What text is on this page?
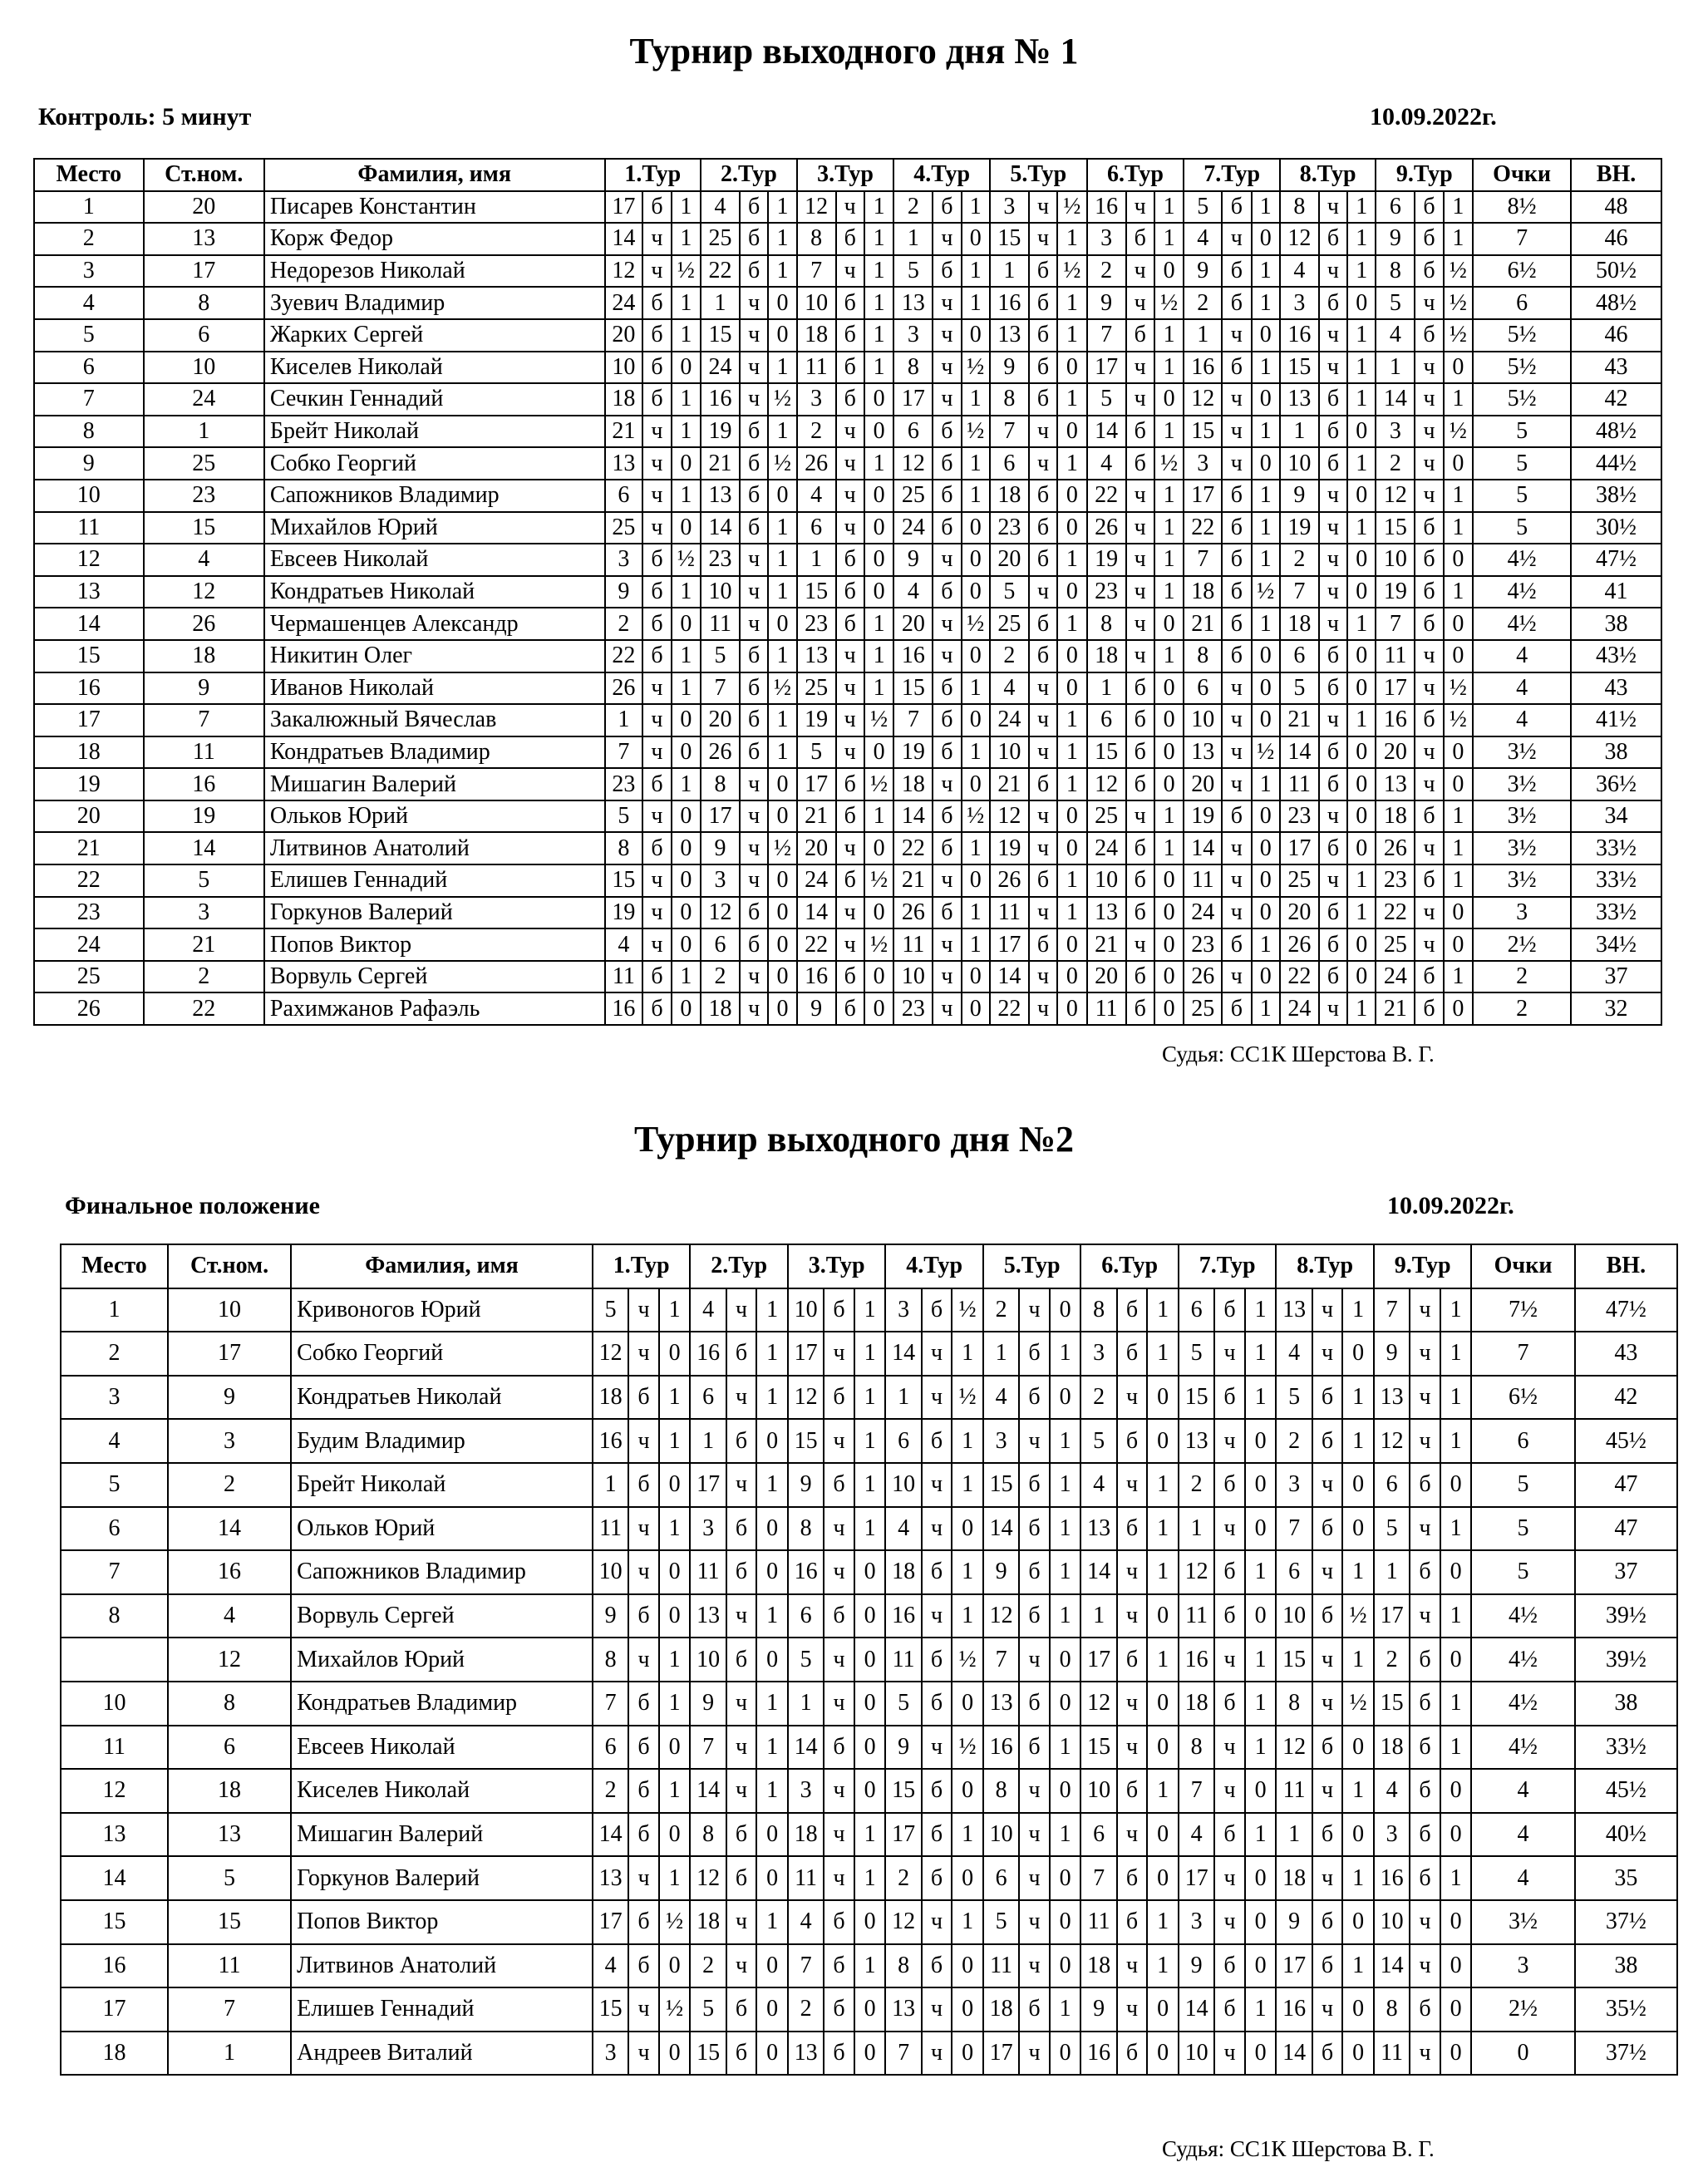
Турнир выходного дня № 1
Контроль: 5 минут	10.09.2022г.
Место	Ст.ном.	Фамилия, имя	1.Тур			2.Тур			3.Тур			4.Тур			5.Тур			6.Тур			7.Тур			8.Тур			9.Тур			Очки	ВН.
1	20	Писарев Константин	17	б	1	4	б	1	12	ч	1	2	б	1	3	ч	½	16	ч	1	5	б	1	8	ч	1	6	б	1	8½	48
2	13	Корж Федор	14	ч	1	25	б	1	8	б	1	1	ч	0	15	ч	1	3	б	1	4	ч	0	12	б	1	9	б	1	7	46
3	17	Недорезов Николай	12	ч	½	22	б	1	7	ч	1	5	б	1	1	б	½	2	ч	0	9	б	1	4	ч	1	8	б	½	6½	50½
4	8	Зуевич Владимир	24	б	1	1	ч	0	10	б	1	13	ч	1	16	б	1	9	ч	½	2	б	1	3	б	0	5	ч	½	6	48½
5	6	Жарких Сергей	20	б	1	15	ч	0	18	б	1	3	ч	0	13	б	1	7	б	1	1	ч	0	16	ч	1	4	б	½	5½	46
6	10	Киселев Николай	10	б	0	24	ч	1	11	б	1	8	ч	½	9	б	0	17	ч	1	16	б	1	15	ч	1	1	ч	0	5½	43
7	24	Сечкин Геннадий	18	б	1	16	ч	½	3	б	0	17	ч	1	8	б	1	5	ч	0	12	ч	0	13	б	1	14	ч	1	5½	42
8	1	Брейт Николай	21	ч	1	19	б	1	2	ч	0	6	б	½	7	ч	0	14	б	1	15	ч	1	1	б	0	3	ч	½	5	48½
9	25	Собко Георгий	13	ч	0	21	б	½	26	ч	1	12	б	1	6	ч	1	4	б	½	3	ч	0	10	б	1	2	ч	0	5	44½
10	23	Сапожников Владимир	6	ч	1	13	б	0	4	ч	0	25	б	1	18	б	0	22	ч	1	17	б	1	9	ч	0	12	ч	1	5	38½
11	15	Михайлов Юрий	25	ч	0	14	б	1	6	ч	0	24	б	0	23	б	0	26	ч	1	22	б	1	19	ч	1	15	б	1	5	30½
12	4	Евсеев Николай	3	б	½	23	ч	1	1	б	0	9	ч	0	20	б	1	19	ч	1	7	б	1	2	ч	0	10	б	0	4½	47½
13	12	Кондратьев Николай	9	б	1	10	ч	1	15	б	0	4	б	0	5	ч	0	23	ч	1	18	б	½	7	ч	0	19	б	1	4½	41
14	26	Чермашенцев Александр	2	б	0	11	ч	0	23	б	1	20	ч	½	25	б	1	8	ч	0	21	б	1	18	ч	1	7	б	0	4½	38
15	18	Никитин Олег	22	б	1	5	б	1	13	ч	1	16	ч	0	2	б	0	18	ч	1	8	б	0	6	б	0	11	ч	0	4	43½
16	9	Иванов Николай	26	ч	1	7	б	½	25	ч	1	15	б	1	4	ч	0	1	б	0	6	ч	0	5	б	0	17	ч	½	4	43
17	7	Закалюжный Вячеслав	1	ч	0	20	б	1	19	ч	½	7	б	0	24	ч	1	6	б	0	10	ч	0	21	ч	1	16	б	½	4	41½
18	11	Кондратьев Владимир	7	ч	0	26	б	1	5	ч	0	19	б	1	10	ч	1	15	б	0	13	ч	½	14	б	0	20	ч	0	3½	38
19	16	Мишагин Валерий	23	б	1	8	ч	0	17	б	½	18	ч	0	21	б	1	12	б	0	20	ч	1	11	б	0	13	ч	0	3½	36½
20	19	Ольков Юрий	5	ч	0	17	ч	0	21	б	1	14	б	½	12	ч	0	25	ч	1	19	б	0	23	ч	0	18	б	1	3½	34
21	14	Литвинов Анатолий	8	б	0	9	ч	½	20	ч	0	22	б	1	19	ч	0	24	б	1	14	ч	0	17	б	0	26	ч	1	3½	33½
22	5	Елишев Геннадий	15	ч	0	3	ч	0	24	б	½	21	ч	0	26	б	1	10	б	0	11	ч	0	25	ч	1	23	б	1	3½	33½
23	3	Горкунов Валерий	19	ч	0	12	б	0	14	ч	0	26	б	1	11	ч	1	13	б	0	24	ч	0	20	б	1	22	ч	0	3	33½
24	21	Попов Виктор	4	ч	0	6	б	0	22	ч	½	11	ч	1	17	б	0	21	ч	0	23	б	1	26	б	0	25	ч	0	2½	34½
25	2	Ворвуль Сергей	11	б	1	2	ч	0	16	б	0	10	ч	0	14	ч	0	20	б	0	26	ч	0	22	б	0	24	б	1	2	37
26	22	Рахимжанов Рафаэль	16	б	0	18	ч	0	9	б	0	23	ч	0	22	ч	0	11	б	0	25	б	1	24	ч	1	21	б	0	2	32
Судья: СС1К Шерстова В. Г.
Турнир выходного дня №2
Финальное положение	10.09.2022г.
Место	Ст.ном.	Фамилия, имя	1.Тур			2.Тур			3.Тур			4.Тур			5.Тур			6.Тур			7.Тур			8.Тур			9.Тур			Очки	ВН.
1	10	Кривоногов Юрий	5	ч	1	4	ч	1	10	б	1	3	б	½	2	ч	0	8	б	1	6	б	1	13	ч	1	7	ч	1	7½	47½
2	17	Собко Георгий	12	ч	0	16	б	1	17	ч	1	14	ч	1	1	б	1	3	б	1	5	ч	1	4	ч	0	9	ч	1	7	43
3	9	Кондратьев Николай	18	б	1	6	ч	1	12	б	1	1	ч	½	4	б	0	2	ч	0	15	б	1	5	б	1	13	ч	1	6½	42
4	3	Будим Владимир	16	ч	1	1	б	0	15	ч	1	6	б	1	3	ч	1	5	б	0	13	ч	0	2	б	1	12	ч	1	6	45½
5	2	Брейт Николай	1	б	0	17	ч	1	9	б	1	10	ч	1	15	б	1	4	ч	1	2	б	0	3	ч	0	6	б	0	5	47
6	14	Ольков Юрий	11	ч	1	3	б	0	8	ч	1	4	ч	0	14	б	1	13	б	1	1	ч	0	7	б	0	5	ч	1	5	47
7	16	Сапожников Владимир	10	ч	0	11	б	0	16	ч	0	18	б	1	9	б	1	14	ч	1	12	б	1	6	ч	1	1	б	0	5	37
8	4	Ворвуль Сергей	9	б	0	13	ч	1	6	б	0	16	ч	1	12	б	1	1	ч	0	11	б	0	10	б	½	17	ч	1	4½	39½
	12	Михайлов Юрий	8	ч	1	10	б	0	5	ч	0	11	б	½	7	ч	0	17	б	1	16	ч	1	15	ч	1	2	б	0	4½	39½
10	8	Кондратьев Владимир	7	б	1	9	ч	1	1	ч	0	5	б	0	13	б	0	12	ч	0	18	б	1	8	ч	½	15	б	1	4½	38
11	6	Евсеев Николай	6	б	0	7	ч	1	14	б	0	9	ч	½	16	б	1	15	ч	0	8	ч	1	12	б	0	18	б	1	4½	33½
12	18	Киселев Николай	2	б	1	14	ч	1	3	ч	0	15	б	0	8	ч	0	10	б	1	7	ч	0	11	ч	1	4	б	0	4	45½
13	13	Мишагин Валерий	14	б	0	8	б	0	18	ч	1	17	б	1	10	ч	1	6	ч	0	4	б	1	1	б	0	3	б	0	4	40½
14	5	Горкунов Валерий	13	ч	1	12	б	0	11	ч	1	2	б	0	6	ч	0	7	б	0	17	ч	0	18	ч	1	16	б	1	4	35
15	15	Попов Виктор	17	б	½	18	ч	1	4	б	0	12	ч	1	5	ч	0	11	б	1	3	ч	0	9	б	0	10	ч	0	3½	37½
16	11	Литвинов Анатолий	4	б	0	2	ч	0	7	б	1	8	б	0	11	ч	0	18	ч	1	9	б	0	17	б	1	14	ч	0	3	38
17	7	Елишев Геннадий	15	ч	½	5	б	0	2	б	0	13	ч	0	18	б	1	9	ч	0	14	б	1	16	ч	0	8	б	0	2½	35½
18	1	Андреев Виталий	3	ч	0	15	б	0	13	б	0	7	ч	0	17	ч	0	16	б	0	10	ч	0	14	б	0	11	ч	0	0	37½
Судья: СС1К Шерстова В. Г.
